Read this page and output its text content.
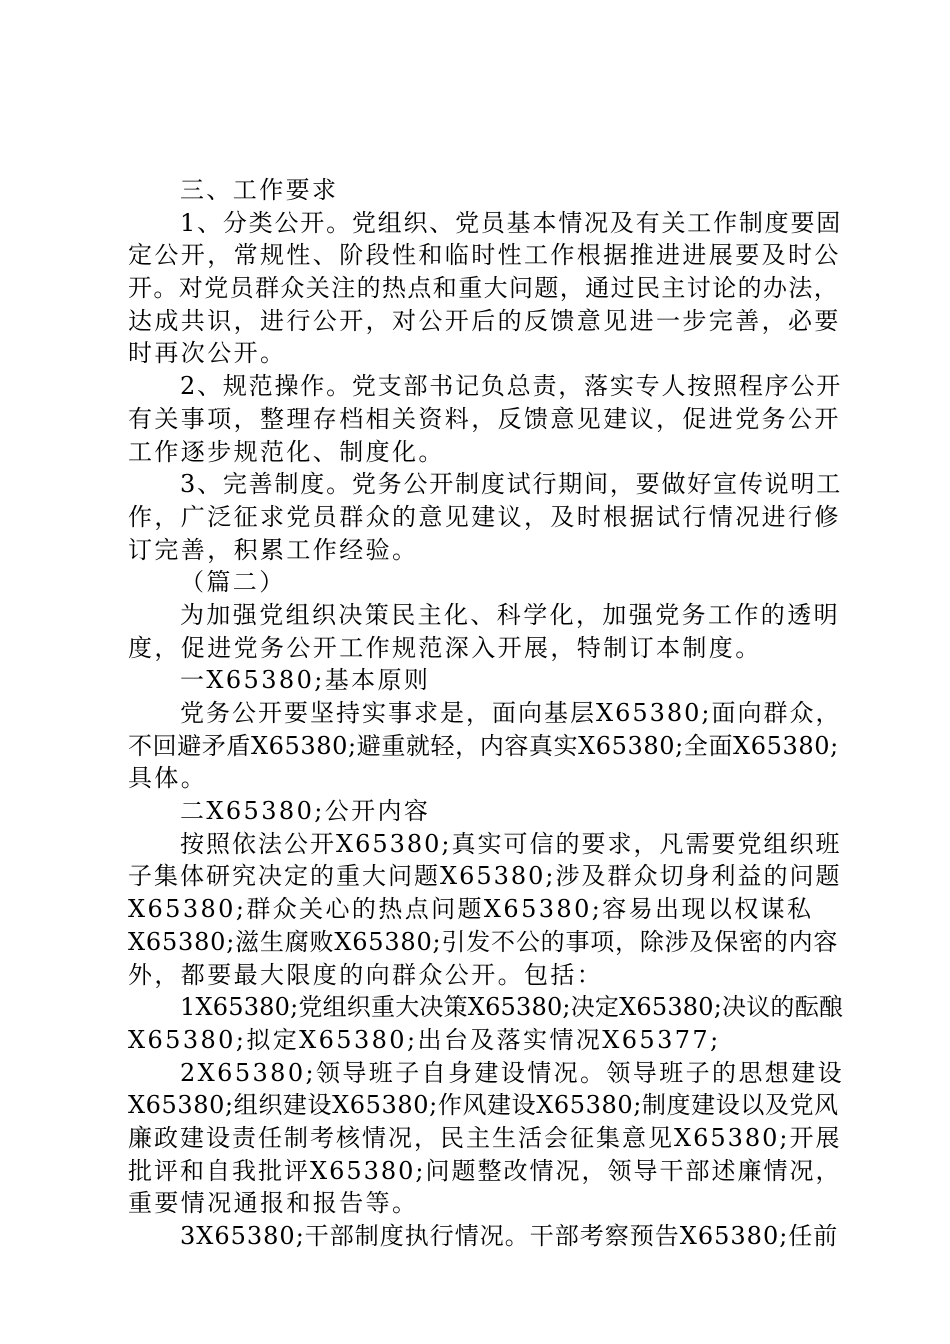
三、工作要求
1、分类公开。党组织、党员基本情况及有关工作制度要固
定公开，常规性、阶段性和临时性工作根据推进进展要及时公
开。对党员群众关注的热点和重大问题，通过民主讨论的办法，
达成共识，进行公开，对公开后的反馈意见进一步完善，必要
时再次公开。
2、规范操作。党支部书记负总责，落实专人按照程序公开
有关事项，整理存档相关资料，反馈意见建议，促进党务公开
工作逐步规范化、制度化。
3、完善制度。党务公开制度试行期间，要做好宣传说明工
作，广泛征求党员群众的意见建议，及时根据试行情况进行修
订完善，积累工作经验。
（篇二）
为加强党组织决策民主化、科学化，加强党务工作的透明
度，促进党务公开工作规范深入开展，特制订本制度。
一X65380;基本原则
党务公开要坚持实事求是，面向基层X65380;面向群众，
不回避矛盾X65380;避重就轻，内容真实X65380;全面X65380;
具体。
二X65380;公开内容
按照依法公开X65380;真实可信的要求，凡需要党组织班
子集体研究决定的重大问题X65380;涉及群众切身利益的问题
X65380;群众关心的热点问题X65380;容易出现以权谋私
X65380;滋生腐败X65380;引发不公的事项，除涉及保密的内容
外，都要最大限度的向群众公开。包括：
1X65380;党组织重大决策X65380;决定X65380;决议的酝酿
X65380;拟定X65380;出台及落实情况X65377;
2X65380;领导班子自身建设情况。领导班子的思想建设
X65380;组织建设X65380;作风建设X65380;制度建设以及党风
廉政建设责任制考核情况，民主生活会征集意见X65380;开展
批评和自我批评X65380;问题整改情况，领导干部述廉情况，
重要情况通报和报告等。
3X65380;干部制度执行情况。干部考察预告X65380;任前
